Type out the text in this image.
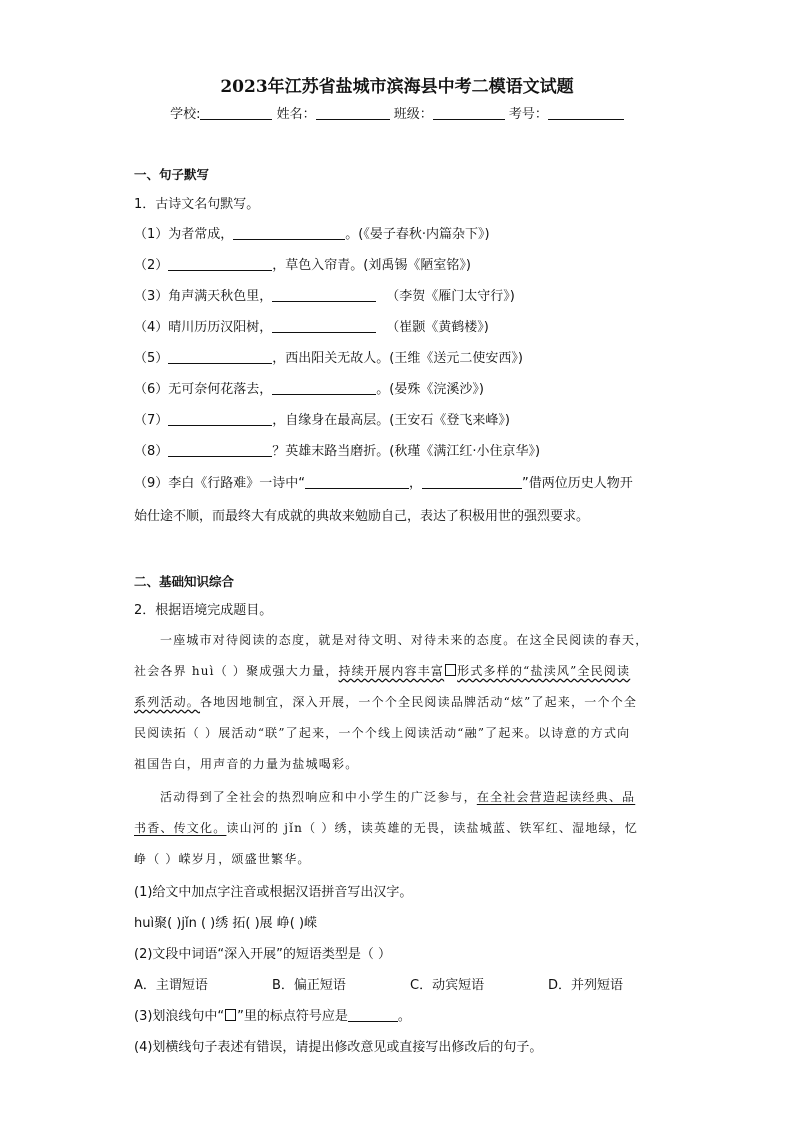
2023年江苏省盐城市滨海县中考二模语文试题
学校:	姓名：	班级：	考号：
一、句子默写
1．古诗文名句默写。
（1）为者常成，	。(《晏子春秋·内篇杂下》)
（2）	，草色入帘青。(刘禹锡《陋室铭》)
（3）角声满天秋色里，	（李贺《雁门太守行》)
（4）晴川历历汉阳树，	（崔颢《黄鹤楼》)
（5）	，西出阳关无故人。(王维《送元二使安西》)
（6）无可奈何花落去，	。(晏殊《浣溪沙》)
（7）	，自缘身在最高层。(王安石《登飞来峰》)
（8）	？英雄末路当磨折。(秋瑾《满江红·小住京华》)
（9）李白《行路难》一诗中“	，	”借两位历史人物开
始仕途不顺，而最终大有成就的典故来勉励自己，表达了积极用世的强烈要求。
二、基础知识综合
2．根据语境完成题目。
一座城市对待阅读的态度，就是对待文明、对待未来的态度。在这全民阅读的春天，
社会各界 huì（ ）聚成强大力量，持续开展内容丰富 形式多样的“盐渎风”全民阅读
系列活动。各地因地制宜，深入开展，一个个全民阅读品牌活动“炫”了起来，一个个全
民阅读拓（ ）展活动“联”了起来，一个个线上阅读活动“融”了起来。以诗意的方式向
祖国告白，用声音的力量为盐城喝彩。
活动得到了全社会的热烈响应和中小学生的广泛参与，在全社会营造起读经典、品
书香、传文化。读山河的 jǐn（ ）绣，读英雄的无畏，读盐城蓝、铁军红、湿地绿，忆
峥（ ）嵘岁月，颂盛世繁华。
(1)给文中加点字注音或根据汉语拼音写出汉字。
huì聚( )jǐn ( )绣 拓( )展 峥( )嵘
(2)文段中词语“深入开展”的短语类型是（ ）
A．主谓短语	B．偏正短语	C．动宾短语	D．并列短语
(3)划浪线句中“ ”里的标点符号应是	。
(4)划横线句子表述有错误，请提出修改意见或直接写出修改后的句子。
